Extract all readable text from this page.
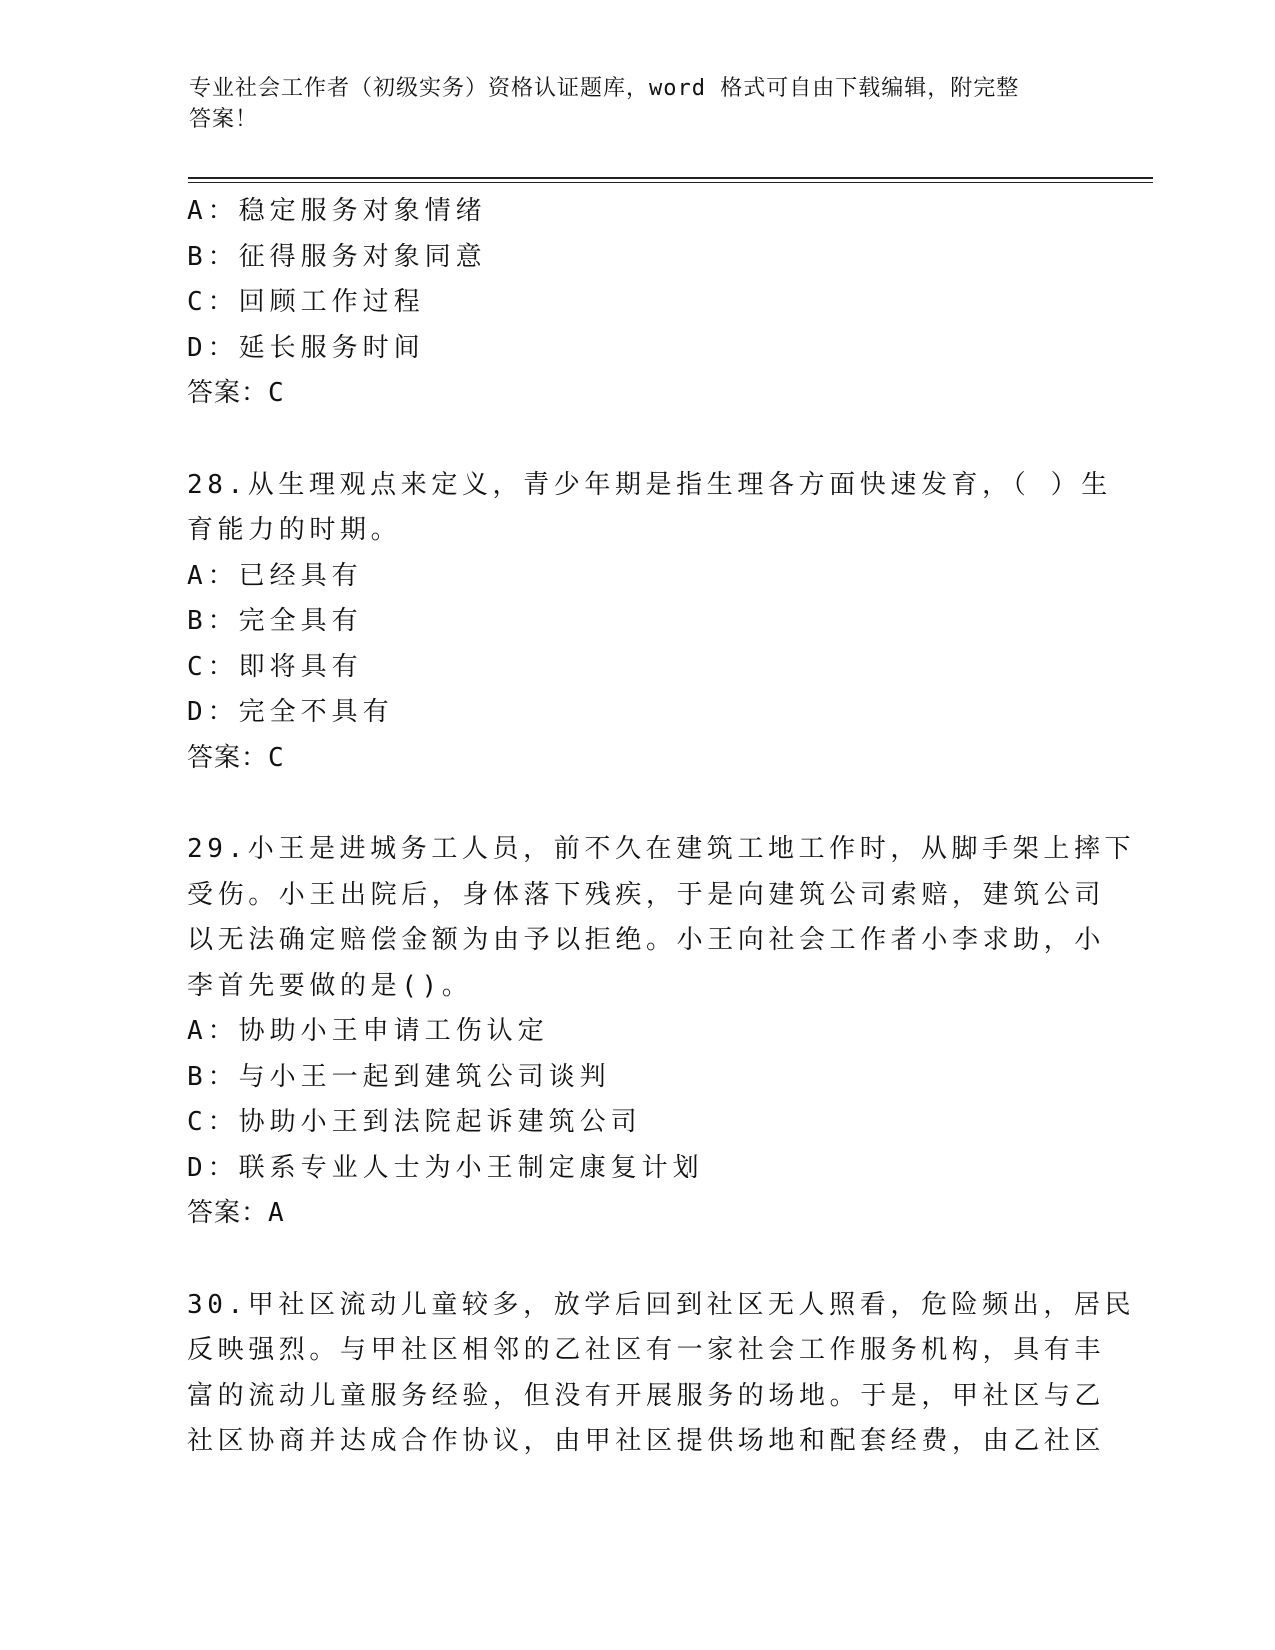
专业社会工作者（初级实务）资格认证题库，word 格式可自由下载编辑，附完整
答案！
A：稳定服务对象情绪
B：征得服务对象同意
C：回顾工作过程
D：延长服务时间
答案：C
28.从生理观点来定义，青少年期是指生理各方面快速发育，（ ）生
育能力的时期。
A：已经具有
B：完全具有
C：即将具有
D：完全不具有
答案：C
29.小王是进城务工人员，前不久在建筑工地工作时，从脚手架上摔下
受伤。小王出院后，身体落下残疾，于是向建筑公司索赔，建筑公司
以无法确定赔偿金额为由予以拒绝。小王向社会工作者小李求助，小
李首先要做的是()。
A：协助小王申请工伤认定
B：与小王一起到建筑公司谈判
C：协助小王到法院起诉建筑公司
D：联系专业人士为小王制定康复计划
答案：A
30.甲社区流动儿童较多，放学后回到社区无人照看，危险频出，居民
反映强烈。与甲社区相邻的乙社区有一家社会工作服务机构，具有丰
富的流动儿童服务经验，但没有开展服务的场地。于是，甲社区与乙
社区协商并达成合作协议，由甲社区提供场地和配套经费，由乙社区
